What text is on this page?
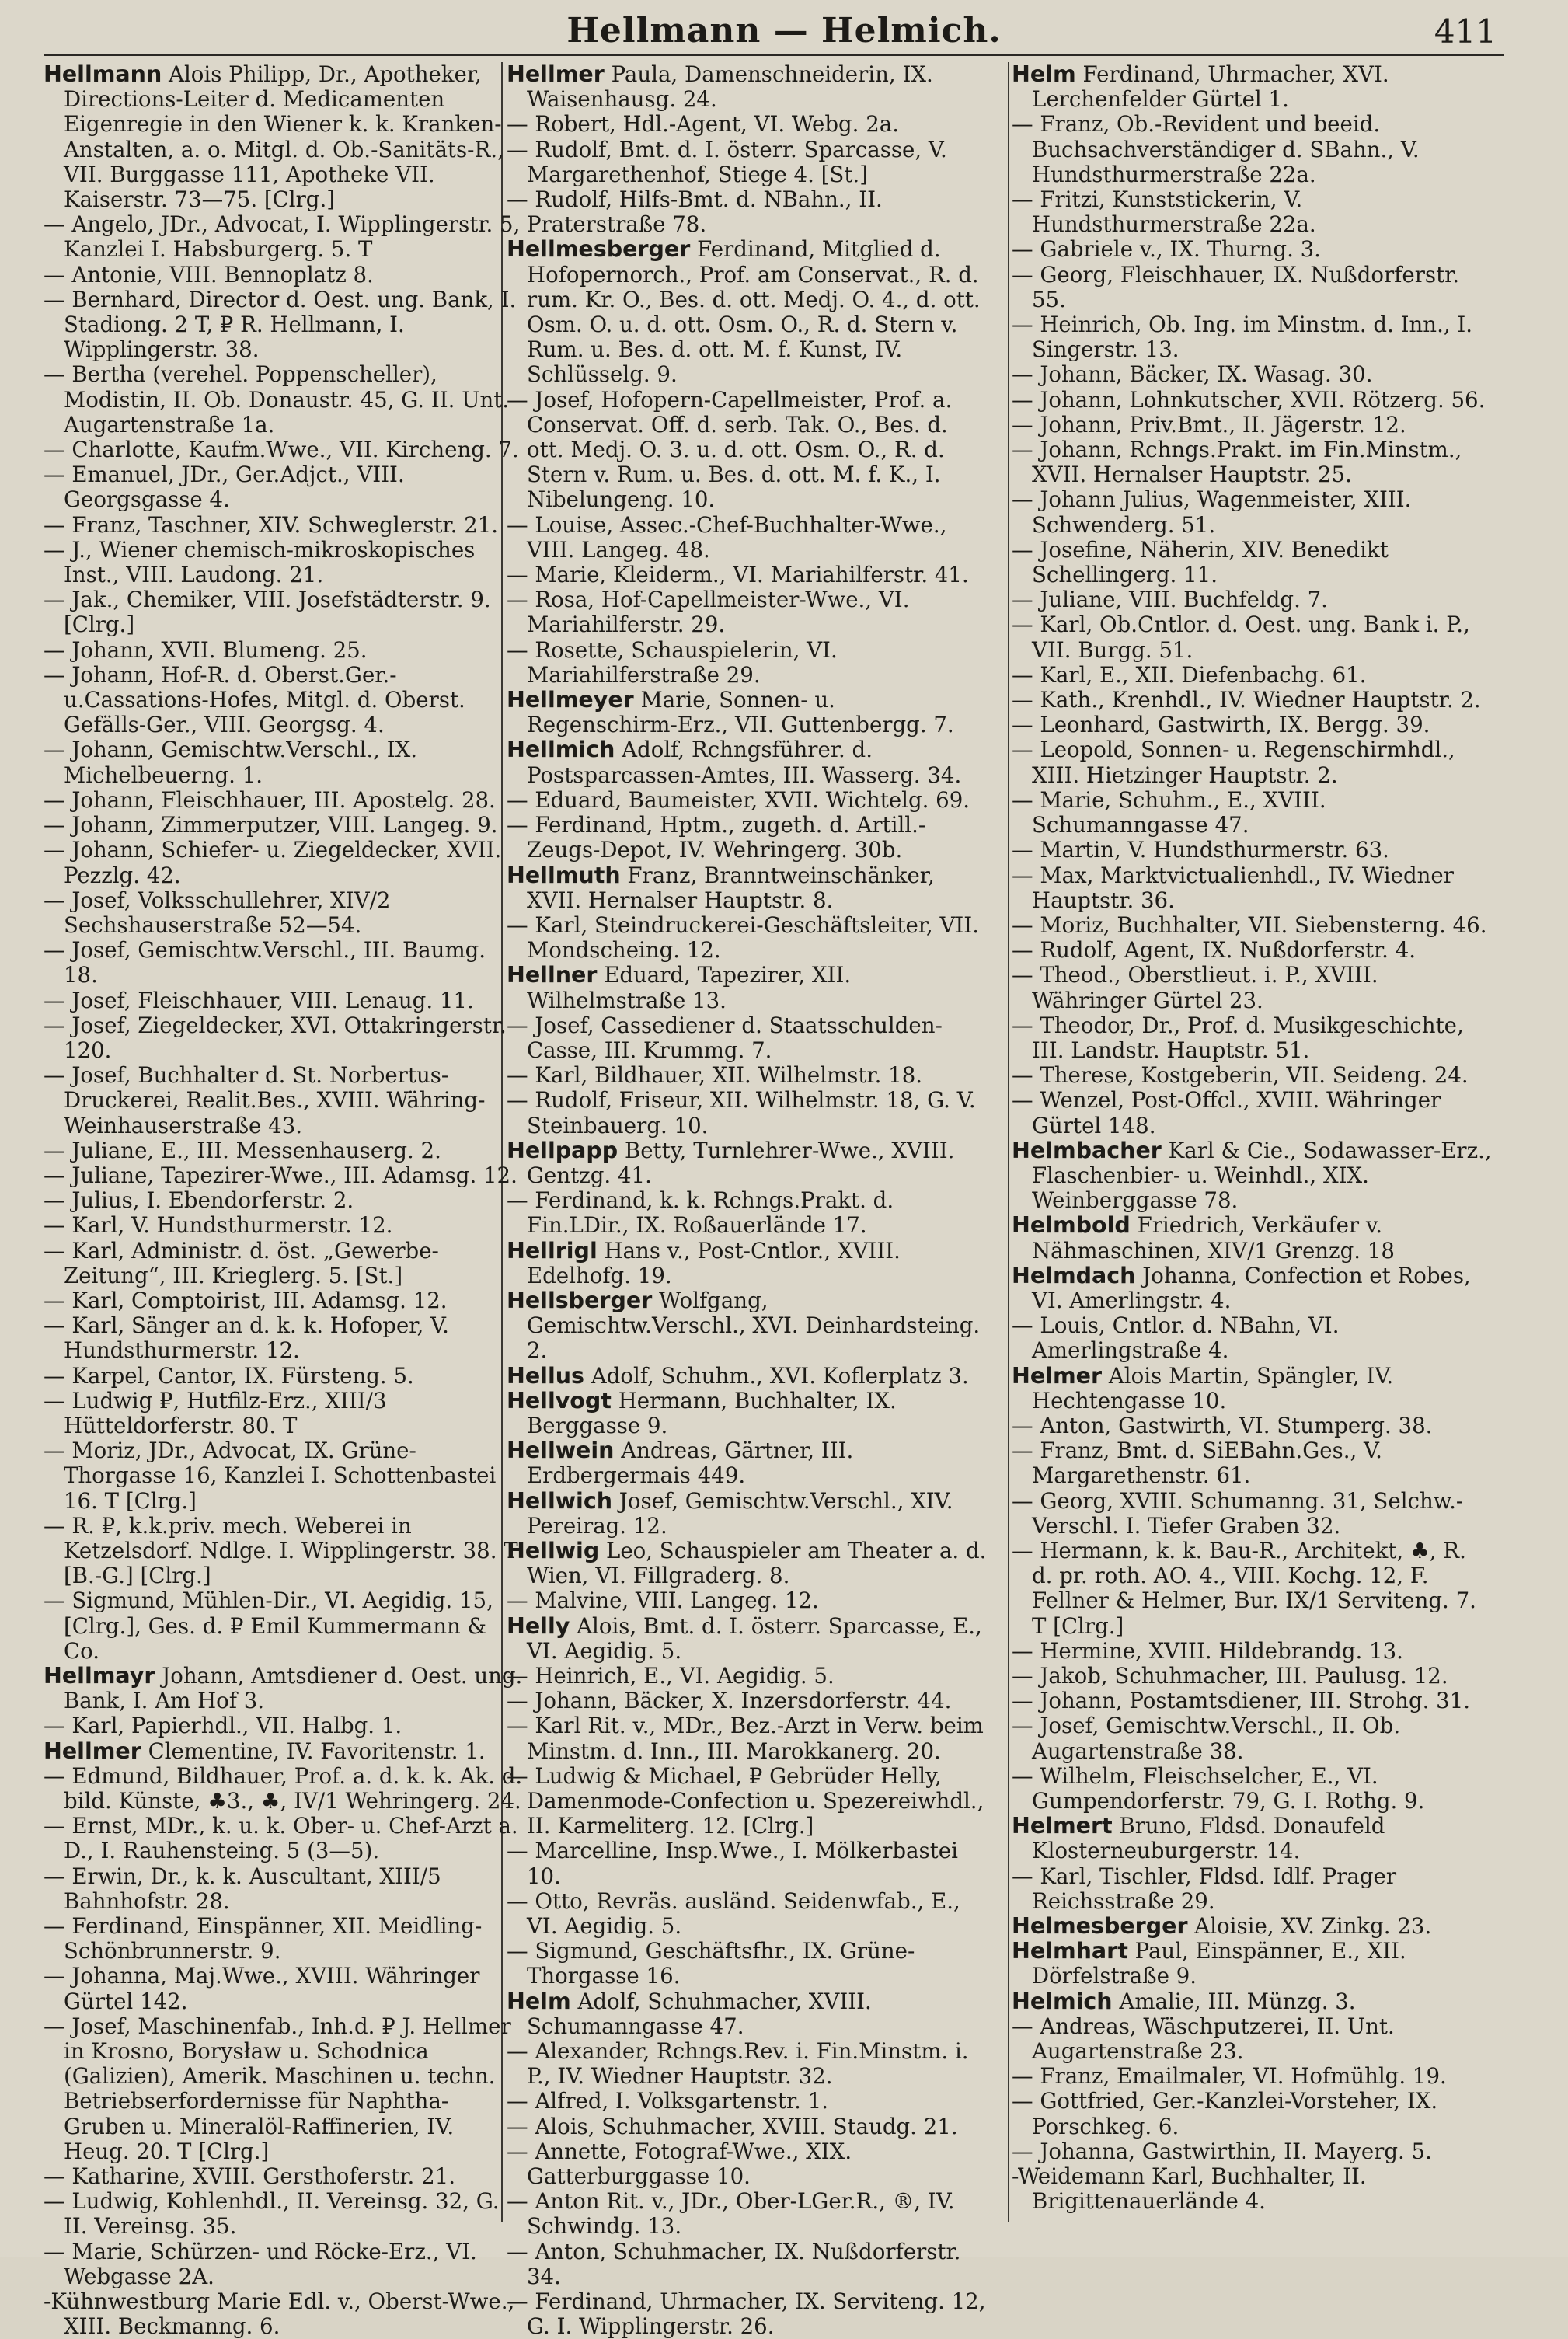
Hellmann — Helmich.	411

Hellmann Alois Philipp, Dr., Apotheker, Directions-Leiter d. Medicamenten Eigenregie in den Wiener k. k. Kranken-Anstalten, a. o. Mitgl. d. Ob.-Sanitäts-R., VII. Burggasse 111, Apotheke VII. Kaiserstr. 73—75. [Clrg.]

— Angelo, JDr., Advocat, I. Wipplingerstr. 5, Kanzlei I. Habsburgerg. 5. T

— Antonie, VIII. Bennoplatz 8.

— Bernhard, Director d. Oest. ung. Bank, I. Stadiong. 2 T, ₽ R. Hellmann, I. Wipplingerstr. 38.

— Bertha (verehel. Poppenscheller), Modistin, II. Ob. Donaustr. 45, G. II. Unt. Augartenstraße 1a.

— Charlotte, Kaufm.Wwe., VII. Kircheng. 7.

— Emanuel, JDr., Ger.Adjct., VIII. Georgsgasse 4.

— Franz, Taschner, XIV. Schweglerstr. 21.

— J., Wiener chemisch-mikroskopisches Inst., VIII. Laudong. 21.

— Jak., Chemiker, VIII. Josefstädterstr. 9. [Clrg.]

— Johann, XVII. Blumeng. 25.

— Johann, Hof-R. d. Oberst.Ger.-u.Cassations-Hofes, Mitgl. d. Oberst. Gefälls-Ger., VIII. Georgsg. 4.

— Johann, Gemischtw.Verschl., IX. Michelbeuerng. 1.

— Johann, Fleischhauer, III. Apostelg. 28.

— Johann, Zimmerputzer, VIII. Langeg. 9.

— Johann, Schiefer- u. Ziegeldecker, XVII. Pezzlg. 42.

— Josef, Volksschullehrer, XIV/2 Sechshauserstraße 52—54.

— Josef, Gemischtw.Verschl., III. Baumg. 18.

— Josef, Fleischhauer, VIII. Lenaug. 11.

— Josef, Ziegeldecker, XVI. Ottakringerstr. 120.

— Josef, Buchhalter d. St. Norbertus-Druckerei, Realit.Bes., XVIII. Währing-Weinhauserstraße 43.

— Juliane, E., III. Messenhauserg. 2.

— Juliane, Tapezirer-Wwe., III. Adamsg. 12.

— Julius, I. Ebendorferstr. 2.

— Karl, V. Hundsthurmerstr. 12.

— Karl, Administr. d. öst. „Gewerbe-Zeitung“, III. Krieglerg. 5. [St.]

— Karl, Comptoirist, III. Adamsg. 12.

— Karl, Sänger an d. k. k. Hofoper, V. Hundsthurmerstr. 12.

— Karpel, Cantor, IX. Fürsteng. 5.

— Ludwig ₽, Hutfilz-Erz., XIII/3 Hütteldorferstr. 80. T

— Moriz, JDr., Advocat, IX. Grüne-Thorgasse 16, Kanzlei I. Schottenbastei 16. T [Clrg.]

— R. ₽, k.k.priv. mech. Weberei in Ketzelsdorf. Ndlge. I. Wipplingerstr. 38. T [B.-G.] [Clrg.]

— Sigmund, Mühlen-Dir., VI. Aegidig. 15, [Clrg.], Ges. d. ₽ Emil Kummermann & Co.

Hellmayr Johann, Amtsdiener d. Oest. ung. Bank, I. Am Hof 3.

— Karl, Papierhdl., VII. Halbg. 1.

Hellmer Clementine, IV. Favoritenstr. 1.

— Edmund, Bildhauer, Prof. a. d. k. k. Ak. d. bild. Künste, ♣3., ♣, IV/1 Wehringerg. 24.

— Ernst, MDr., k. u. k. Ober- u. Chef-Arzt a. D., I. Rauhensteing. 5 (3—5).

— Erwin, Dr., k. k. Auscultant, XIII/5 Bahnhofstr. 28.

— Ferdinand, Einspänner, XII. Meidling-Schönbrunnerstr. 9.

— Johanna, Maj.Wwe., XVIII. Währinger Gürtel 142.

— Josef, Maschinenfab., Inh.d. ₽ J. Hellmer in Krosno, Borysław u. Schodnica (Galizien), Amerik. Maschinen u. techn. Betriebserfordernisse für Naphtha-Gruben u. Mineralöl-Raffinerien, IV. Heug. 20. T [Clrg.]

— Katharine, XVIII. Gersthoferstr. 21.

— Ludwig, Kohlenhdl., II. Vereinsg. 32, G. II. Vereinsg. 35.

— Marie, Schürzen- und Röcke-Erz., VI. Webgasse 2A.

-Kühnwestburg Marie Edl. v., Oberst-Wwe., XIII. Beckmanng. 6.

Hellmer Paula, Damenschneiderin, IX. Waisenhausg. 24.

— Robert, Hdl.-Agent, VI. Webg. 2a.

— Rudolf, Bmt. d. I. österr. Sparcasse, V. Margarethenhof, Stiege 4. [St.]

— Rudolf, Hilfs-Bmt. d. NBahn., II. Praterstraße 78.

Hellmesberger Ferdinand, Mitglied d. Hofopernorch., Prof. am Conservat., R. d. rum. Kr. O., Bes. d. ott. Medj. O. 4., d. ott. Osm. O. u. d. ott. Osm. O., R. d. Stern v. Rum. u. Bes. d. ott. M. f. Kunst, IV. Schlüsselg. 9.

— Josef, Hofopern-Capellmeister, Prof. a. Conservat. Off. d. serb. Tak. O., Bes. d. ott. Medj. O. 3. u. d. ott. Osm. O., R. d. Stern v. Rum. u. Bes. d. ott. M. f. K., I. Nibelungeng. 10.

— Louise, Assec.-Chef-Buchhalter-Wwe., VIII. Langeg. 48.

— Marie, Kleiderm., VI. Mariahilferstr. 41.

— Rosa, Hof-Capellmeister-Wwe., VI. Mariahilferstr. 29.

— Rosette, Schauspielerin, VI. Mariahilferstraße 29.

Hellmeyer Marie, Sonnen- u. Regenschirm-Erz., VII. Guttenbergg. 7.

Hellmich Adolf, Rchngsführer. d. Postsparcassen-Amtes, III. Wasserg. 34.

— Eduard, Baumeister, XVII. Wichtelg. 69.

— Ferdinand, Hptm., zugeth. d. Artill.-Zeugs-Depot, IV. Wehringerg. 30b.

Hellmuth Franz, Branntweinschänker, XVII. Hernalser Hauptstr. 8.

— Karl, Steindruckerei-Geschäftsleiter, VII. Mondscheing. 12.

Hellner Eduard, Tapezirer, XII. Wilhelmstraße 13.

— Josef, Cassediener d. Staatsschulden-Casse, III. Krummg. 7.

— Karl, Bildhauer, XII. Wilhelmstr. 18.

— Rudolf, Friseur, XII. Wilhelmstr. 18, G. V. Steinbauerg. 10.

Hellpapp Betty, Turnlehrer-Wwe., XVIII. Gentzg. 41.

— Ferdinand, k. k. Rchngs.Prakt. d. Fin.LDir., IX. Roßauerlände 17.

Hellrigl Hans v., Post-Cntlor., XVIII. Edelhofg. 19.

Hellsberger Wolfgang, Gemischtw.Verschl., XVI. Deinhardsteing. 2.

Hellus Adolf, Schuhm., XVI. Koflerplatz 3.

Hellvogt Hermann, Buchhalter, IX. Berggasse 9.

Hellwein Andreas, Gärtner, III. Erdbergermais 449.

Hellwich Josef, Gemischtw.Verschl., XIV. Pereirag. 12.

Hellwig Leo, Schauspieler am Theater a. d. Wien, VI. Fillgraderg. 8.

— Malvine, VIII. Langeg. 12.

Helly Alois, Bmt. d. I. österr. Sparcasse, E., VI. Aegidig. 5.

— Heinrich, E., VI. Aegidig. 5.

— Johann, Bäcker, X. Inzersdorferstr. 44.

— Karl Rit. v., MDr., Bez.-Arzt in Verw. beim Minstm. d. Inn., III. Marokkanerg. 20.

— Ludwig & Michael, ₽ Gebrüder Helly, Damenmode-Confection u. Spezereiwhdl., II. Karmeliterg. 12. [Clrg.]

— Marcelline, Insp.Wwe., I. Mölkerbastei 10.

— Otto, Revräs. ausländ. Seidenwfab., E., VI. Aegidig. 5.

— Sigmund, Geschäftsfhr., IX. Grüne-Thorgasse 16.

Helm Adolf, Schuhmacher, XVIII. Schumanngasse 47.

— Alexander, Rchngs.Rev. i. Fin.Minstm. i. P., IV. Wiedner Hauptstr. 32.

— Alfred, I. Volksgartenstr. 1.

— Alois, Schuhmacher, XVIII. Staudg. 21.

— Annette, Fotograf-Wwe., XIX. Gatterburggasse 10.

— Anton Rit. v., JDr., Ober-LGer.R., ®, IV. Schwindg. 13.

— Anton, Schuhmacher, IX. Nußdorferstr. 34.

— Ferdinand, Uhrmacher, IX. Serviteng. 12, G. I. Wipplingerstr. 26.

Helm Ferdinand, Uhrmacher, XVI. Lerchenfelder Gürtel 1.

— Franz, Ob.-Revident und beeid. Buchsachverständiger d. SBahn., V. Hundsthurmerstraße 22a.

— Fritzi, Kunststickerin, V. Hundsthurmerstraße 22a.

— Gabriele v., IX. Thurng. 3.

— Georg, Fleischhauer, IX. Nußdorferstr. 55.

— Heinrich, Ob. Ing. im Minstm. d. Inn., I. Singerstr. 13.

— Johann, Bäcker, IX. Wasag. 30.

— Johann, Lohnkutscher, XVII. Rötzerg. 56.

— Johann, Priv.Bmt., II. Jägerstr. 12.

— Johann, Rchngs.Prakt. im Fin.Minstm., XVII. Hernalser Hauptstr. 25.

— Johann Julius, Wagenmeister, XIII. Schwenderg. 51.

— Josefine, Näherin, XIV. Benedikt Schellingerg. 11.

— Juliane, VIII. Buchfeldg. 7.

— Karl, Ob.Cntlor. d. Oest. ung. Bank i. P., VII. Burgg. 51.

— Karl, E., XII. Diefenbachg. 61.

— Kath., Krenhdl., IV. Wiedner Hauptstr. 2.

— Leonhard, Gastwirth, IX. Bergg. 39.

— Leopold, Sonnen- u. Regenschirmhdl., XIII. Hietzinger Hauptstr. 2.

— Marie, Schuhm., E., XVIII. Schumanngasse 47.

— Martin, V. Hundsthurmerstr. 63.

— Max, Marktvictualienhdl., IV. Wiedner Hauptstr. 36.

— Moriz, Buchhalter, VII. Siebensterng. 46.

— Rudolf, Agent, IX. Nußdorferstr. 4.

— Theod., Oberstlieut. i. P., XVIII. Währinger Gürtel 23.

— Theodor, Dr., Prof. d. Musikgeschichte, III. Landstr. Hauptstr. 51.

— Therese, Kostgeberin, VII. Seideng. 24.

— Wenzel, Post-Offcl., XVIII. Währinger Gürtel 148.

Helmbacher Karl & Cie., Sodawasser-Erz., Flaschenbier- u. Weinhdl., XIX. Weinberggasse 78.

Helmbold Friedrich, Verkäufer v. Nähmaschinen, XIV/1 Grenzg. 18

Helmdach Johanna, Confection et Robes, VI. Amerlingstr. 4.

— Louis, Cntlor. d. NBahn, VI. Amerlingstraße 4.

Helmer Alois Martin, Spängler, IV. Hechtengasse 10.

— Anton, Gastwirth, VI. Stumperg. 38.

— Franz, Bmt. d. SiEBahn.Ges., V. Margarethenstr. 61.

— Georg, XVIII. Schumanng. 31, Selchw.-Verschl. I. Tiefer Graben 32.

— Hermann, k. k. Bau-R., Architekt, ♣, R. d. pr. roth. AO. 4., VIII. Kochg. 12, F. Fellner & Helmer, Bur. IX/1 Serviteng. 7. T [Clrg.]

— Hermine, XVIII. Hildebrandg. 13.

— Jakob, Schuhmacher, III. Paulusg. 12.

— Johann, Postamtsdiener, III. Strohg. 31.

— Josef, Gemischtw.Verschl., II. Ob. Augartenstraße 38.

— Wilhelm, Fleischselcher, E., VI. Gumpendorferstr. 79, G. I. Rothg. 9.

Helmert Bruno, Fldsd. Donaufeld Klosterneuburgerstr. 14.

— Karl, Tischler, Fldsd. Idlf. Prager Reichsstraße 29.

Helmesberger Aloisie, XV. Zinkg. 23.

Helmhart Paul, Einspänner, E., XII. Dörfelstraße 9.

Helmich Amalie, III. Münzg. 3.

— Andreas, Wäschputzerei, II. Unt. Augartenstraße 23.

— Franz, Emailmaler, VI. Hofmühlg. 19.

— Gottfried, Ger.-Kanzlei-Vorsteher, IX. Porschkeg. 6.

— Johanna, Gastwirthin, II. Mayerg. 5.

-Weidemann Karl, Buchhalter, II. Brigittenauerlände 4.
